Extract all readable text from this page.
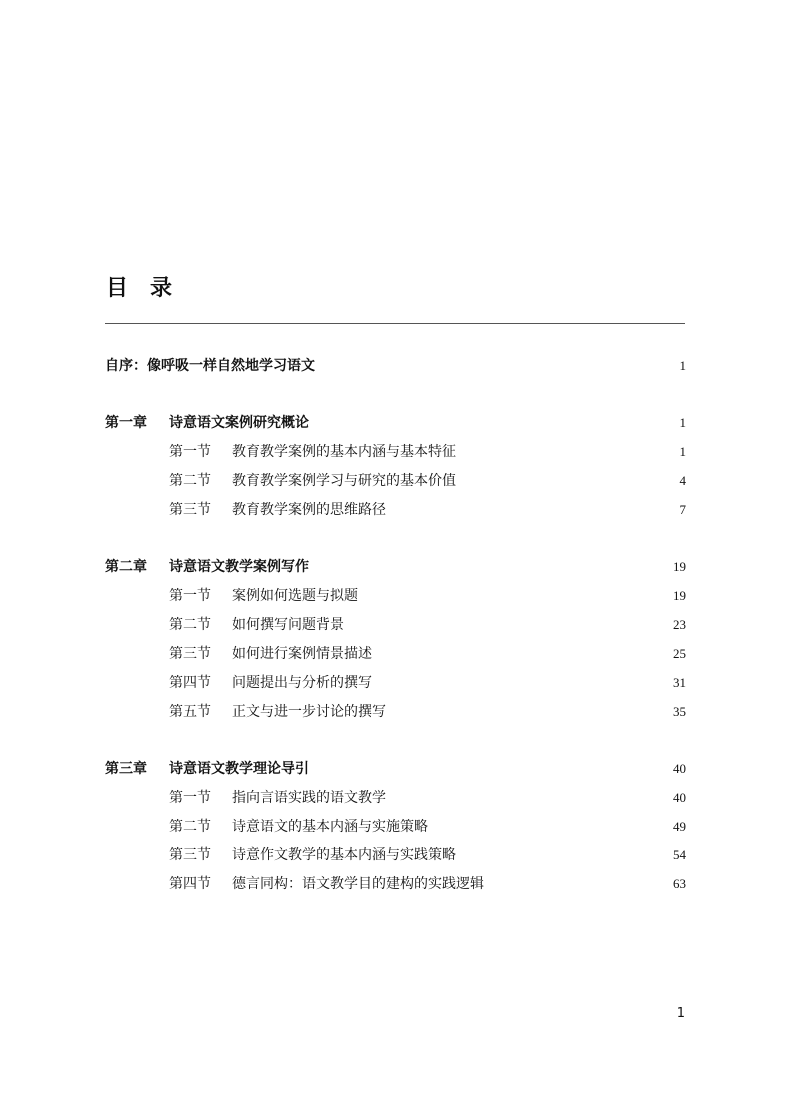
目　录
自序：像呼吸一样自然地学习语文	1
第一章 诗意语文案例研究概论	1
第一节 教育教学案例的基本内涵与基本特征	1
第二节 教育教学案例学习与研究的基本价值	4
第三节 教育教学案例的思维路径	7
第二章 诗意语文教学案例写作	19
第一节 案例如何选题与拟题	19
第二节 如何撰写问题背景	23
第三节 如何进行案例情景描述	25
第四节 问题提出与分析的撰写	31
第五节 正文与进一步讨论的撰写	35
第三章 诗意语文教学理论导引	40
第一节 指向言语实践的语文教学	40
第二节 诗意语文的基本内涵与实施策略	49
第三节 诗意作文教学的基本内涵与实践策略	54
第四节 德言同构：语文教学目的建构的实践逻辑	63
1
